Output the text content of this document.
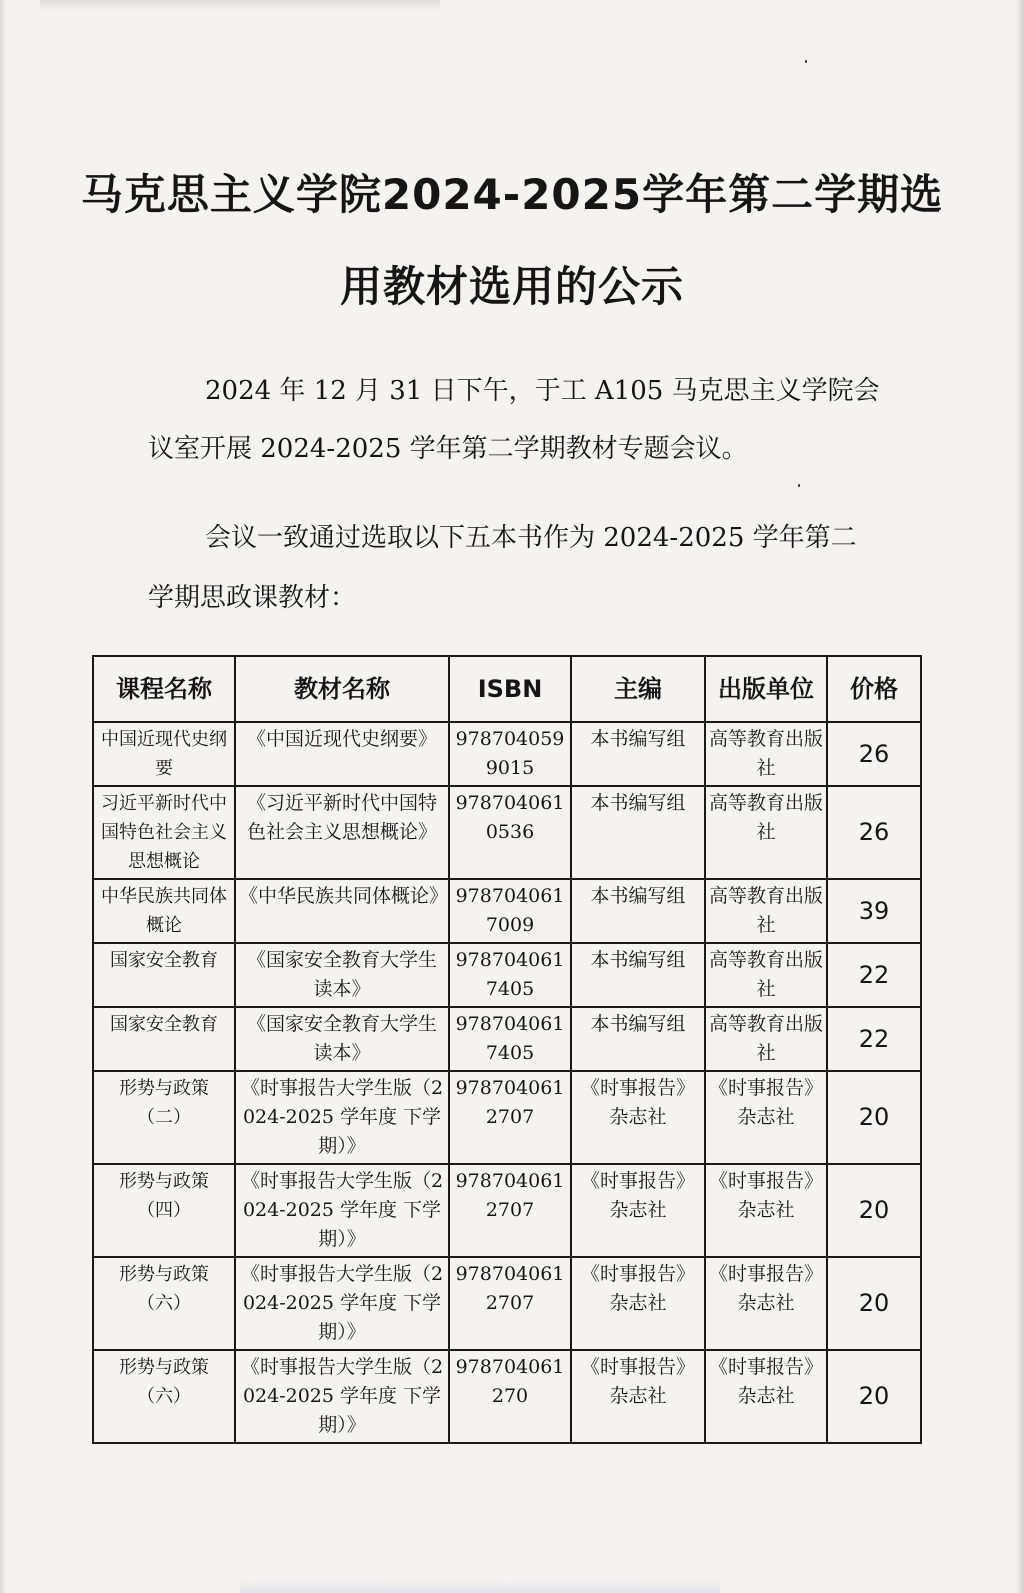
马克思主义学院2024-2025学年第二学期选
用教材选用的公示
2024 年 12 月 31 日下午，于工 A105 马克思主义学院会
议室开展 2024-2025 学年第二学期教材专题会议。
会议一致通过选取以下五本书作为 2024-2025 学年第二
学期思政课教材：
课程名称	教材名称	ISBN	主编	出版单位	价格
中国近现代史纲要	《中国近现代史纲要》	9787040599015	本书编写组	高等教育出版社	26
习近平新时代中国特色社会主义思想概论	《习近平新时代中国特色社会主义思想概论》	9787040610536	本书编写组	高等教育出版社	26
中华民族共同体概论	《中华民族共同体概论》	9787040617009	本书编写组	高等教育出版社	39
国家安全教育	《国家安全教育大学生读本》	9787040617405	本书编写组	高等教育出版社	22
国家安全教育	《国家安全教育大学生读本》	9787040617405	本书编写组	高等教育出版社	22
形势与政策（二）	《时事报告大学生版（2024-2025 学年度 下学期）》	9787040612707	《时事报告》杂志社	《时事报告》杂志社	20
形势与政策（四）	《时事报告大学生版（2024-2025 学年度 下学期）》	9787040612707	《时事报告》杂志社	《时事报告》杂志社	20
形势与政策（六）	《时事报告大学生版（2024-2025 学年度 下学期）》	9787040612707	《时事报告》杂志社	《时事报告》杂志社	20
形势与政策（六）	《时事报告大学生版（2024-2025 学年度 下学期）》	978704061270	《时事报告》杂志社	《时事报告》杂志社	20
